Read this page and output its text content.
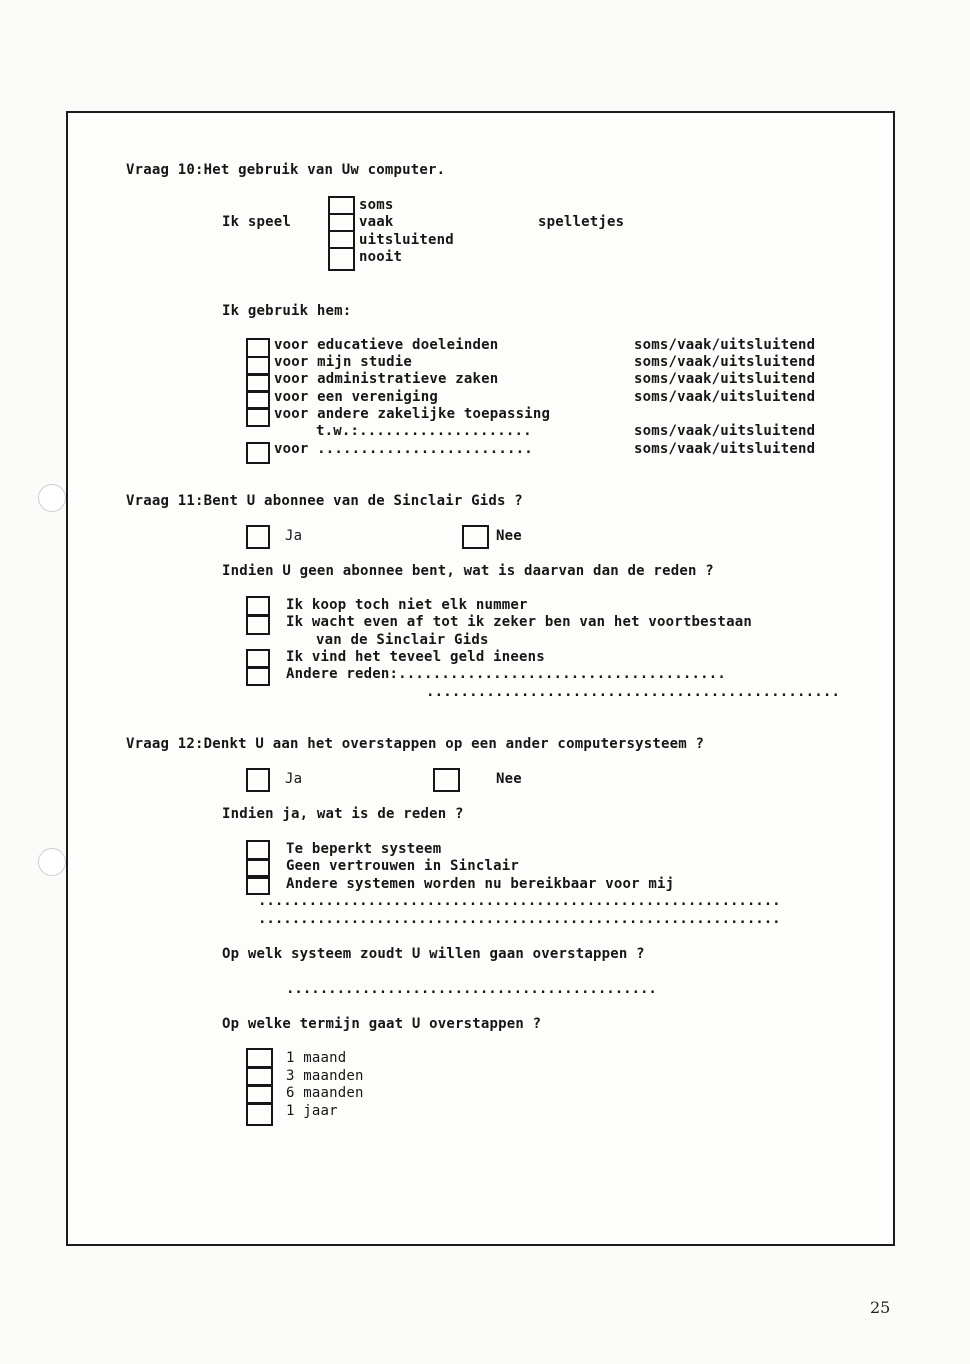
Vraag 10:Het gebruik van Uw computer.
Ik speel
soms
vaak
uitsluitend
nooit
spelletjes
Ik gebruik hem:
voor educatieve doeleinden
voor mijn studie
voor administratieve zaken
voor een vereniging
voor andere zakelijke toepassing
t.w.:....................
voor .........................
soms/vaak/uitsluitend
soms/vaak/uitsluitend
soms/vaak/uitsluitend
soms/vaak/uitsluitend
soms/vaak/uitsluitend
soms/vaak/uitsluitend
Vraag 11:Bent U abonnee van de Sinclair Gids ?
Ja	Nee
Indien U geen abonnee bent, wat is daarvan dan de reden ?
Ik koop toch niet elk nummer
Ik wacht even af tot ik zeker ben van het voortbestaan
van de Sinclair Gids
Ik vind het teveel geld ineens
Andere reden:......................................
................................................
Vraag 12:Denkt U aan het overstappen op een ander computersysteem ?
Ja	Nee
Indien ja, wat is de reden ?
Te beperkt systeem
Geen vertrouwen in Sinclair
Andere systemen worden nu bereikbaar voor mij
..............................................................
..............................................................
Op welk systeem zoudt U willen gaan overstappen ?
............................................
Op welke termijn gaat U overstappen ?
1 maand
3 maanden
6 maanden
1 jaar
25
